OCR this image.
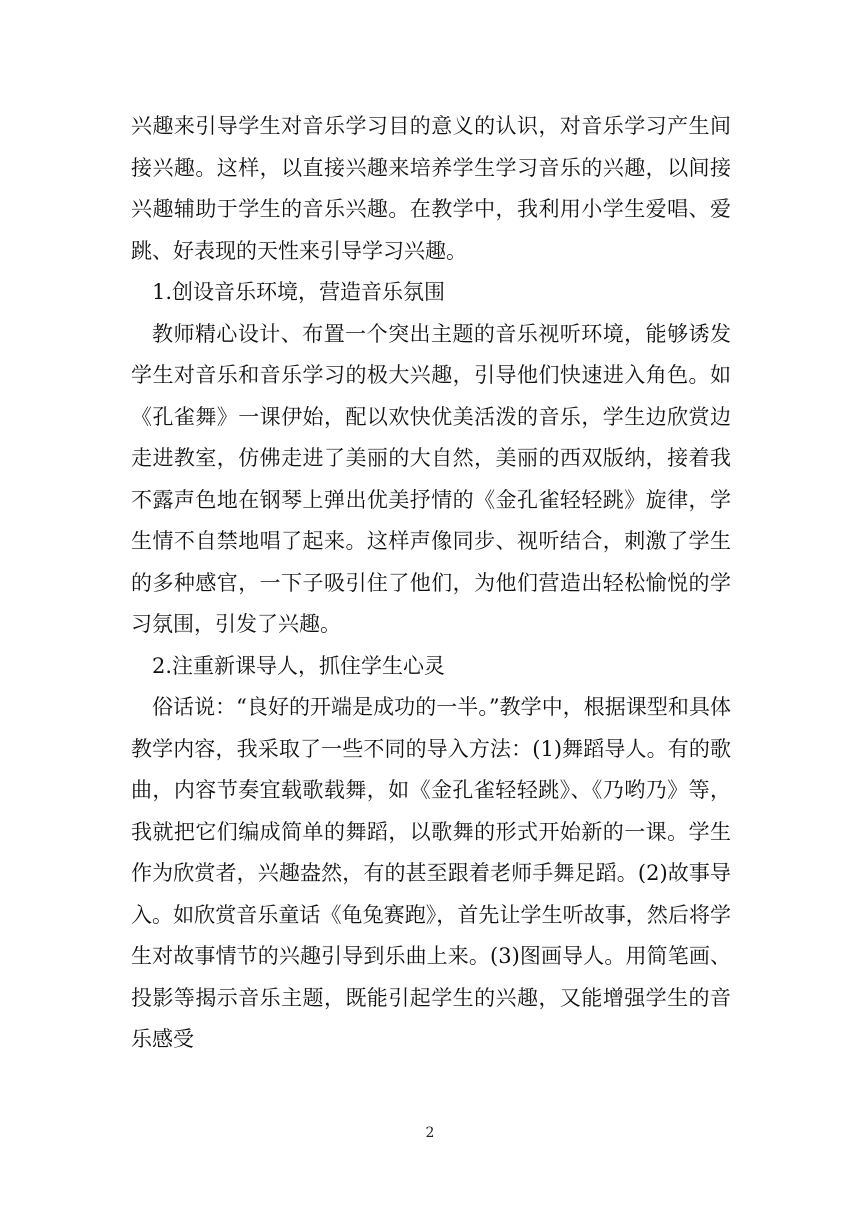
兴趣来引导学生对音乐学习目的意义的认识，对音乐学习产生间接兴趣。这样，以直接兴趣来培养学生学习音乐的兴趣，以间接兴趣辅助于学生的音乐兴趣。在教学中，我利用小学生爱唱、爱跳、好表现的天性来引导学习兴趣。

1.创设音乐环境，营造音乐氛围

教师精心设计、布置一个突出主题的音乐视听环境，能够诱发学生对音乐和音乐学习的极大兴趣，引导他们快速进入角色。如《孔雀舞》一课伊始，配以欢快优美活泼的音乐，学生边欣赏边走进教室，仿佛走进了美丽的大自然，美丽的西双版纳，接着我不露声色地在钢琴上弹出优美抒情的《金孔雀轻轻跳》旋律，学生情不自禁地唱了起来。这样声像同步、视听结合，刺激了学生的多种感官，一下子吸引住了他们，为他们营造出轻松愉悦的学习氛围，引发了兴趣。

2.注重新课导人，抓住学生心灵

俗话说：“良好的开端是成功的一半。”教学中，根据课型和具体教学内容，我采取了一些不同的导入方法：(1)舞蹈导人。有的歌曲，内容节奏宜载歌载舞，如《金孔雀轻轻跳》、《乃哟乃》等，我就把它们编成简单的舞蹈，以歌舞的形式开始新的一课。学生作为欣赏者，兴趣盎然，有的甚至跟着老师手舞足蹈。(2)故事导入。如欣赏音乐童话《龟兔赛跑》，首先让学生听故事，然后将学生对故事情节的兴趣引导到乐曲上来。(3)图画导人。用简笔画、投影等揭示音乐主题，既能引起学生的兴趣，又能增强学生的音乐感受

2
